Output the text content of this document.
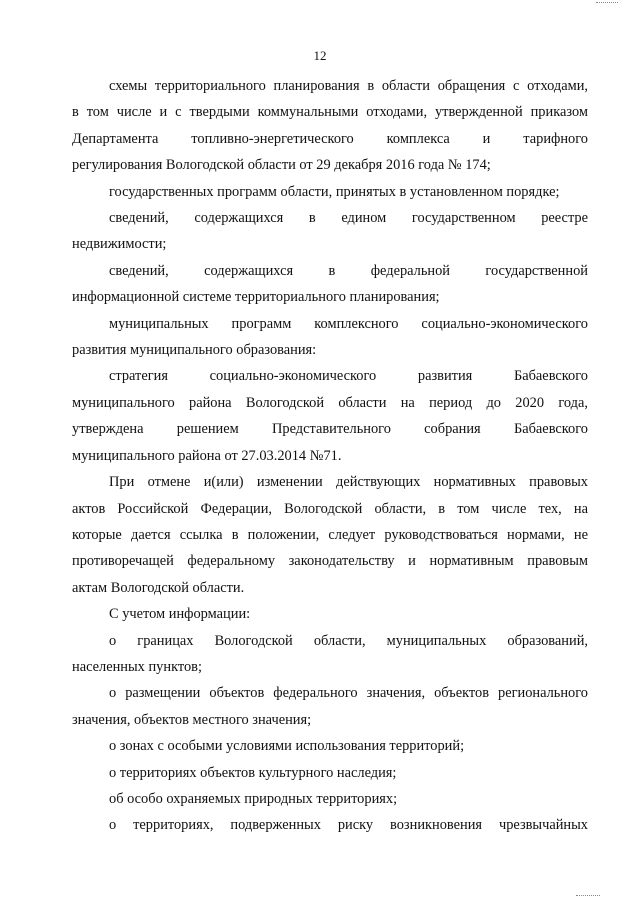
12
схемы территориального планирования в области обращения с отходами,
в том числе и с твердыми коммунальными отходами, утвержденной приказом
Департамента топливно-энергетического комплекса и тарифного
регулирования Вологодской области от 29 декабря 2016 года № 174;
государственных программ области, принятых в установленном порядке;
сведений, содержащихся в едином государственном реестре
недвижимости;
сведений, содержащихся в федеральной государственной
информационной системе территориального планирования;
муниципальных программ комплексного социально-экономического
развития муниципального образования:
стратегия социально-экономического развития Бабаевского
муниципального района Вологодской области на период до 2020 года,
утверждена решением Представительного собрания Бабаевского
муниципального района от 27.03.2014 №71.
При отмене и(или) изменении действующих нормативных правовых
актов Российской Федерации, Вологодской области, в том числе тех, на
которые дается ссылка в положении, следует руководствоваться нормами, не
противоречащей федеральному законодательству и нормативным правовым
актам Вологодской области.
С учетом информации:
о границах Вологодской области, муниципальных образований,
населенных пунктов;
о размещении объектов федерального значения, объектов регионального
значения, объектов местного значения;
о зонах с особыми условиями использования территорий;
о территориях объектов культурного наследия;
об особо охраняемых природных территориях;
о территориях, подверженных риску возникновения чрезвычайных
